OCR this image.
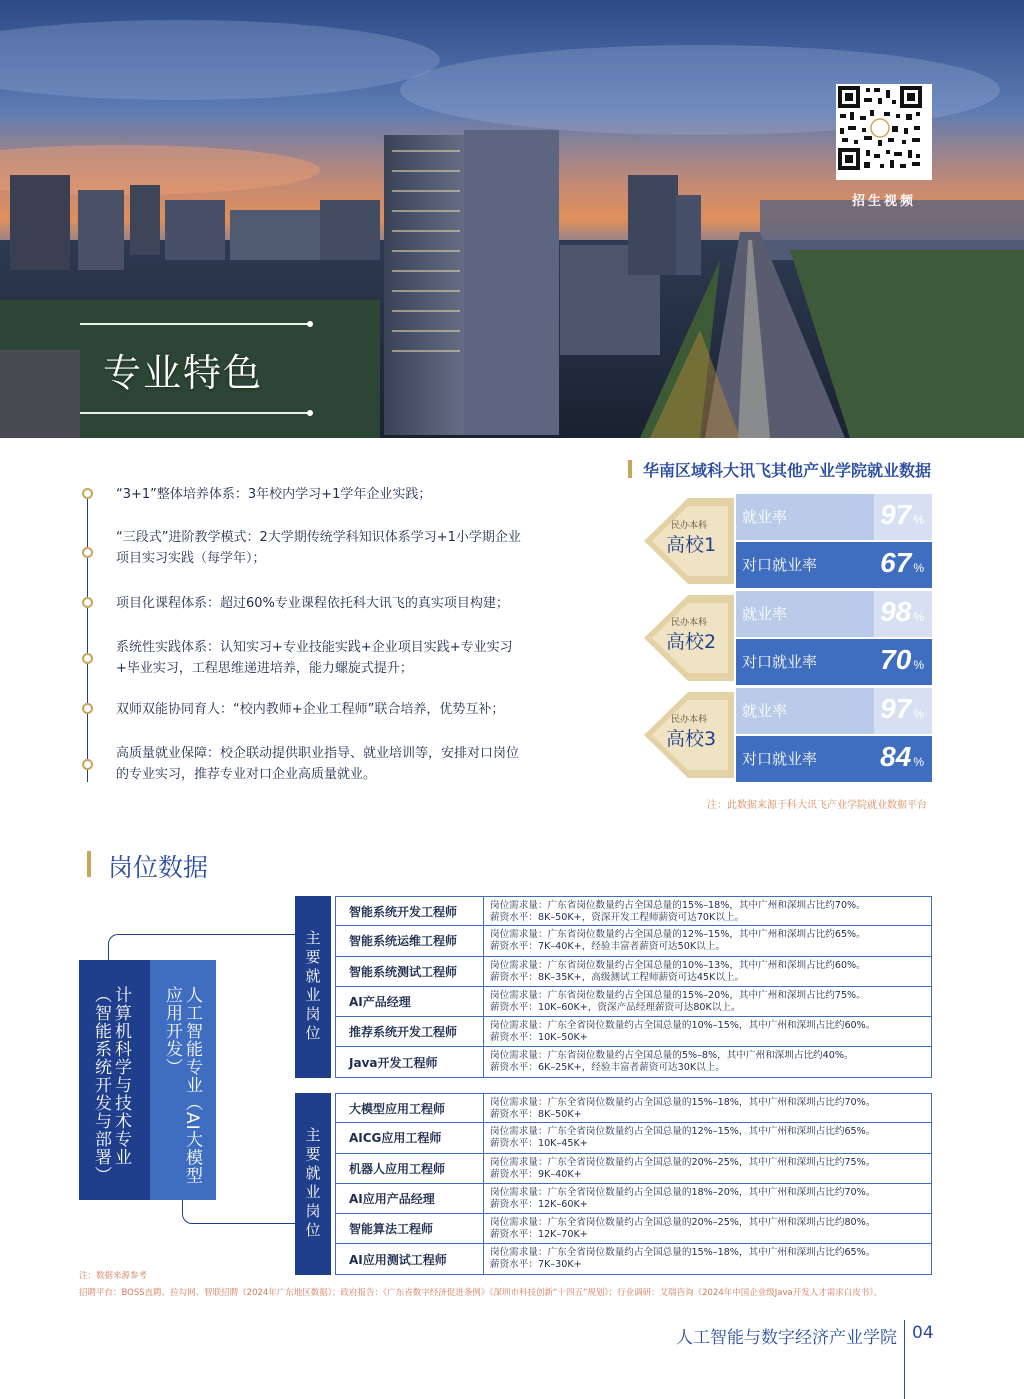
专业特色
招生视频
“3+1”整体培养体系：3年校内学习+1学年企业实践；
“三段式”进阶教学模式：2大学期传统学科知识体系学习+1小学期企业项目实习实践（每学年）；
项目化课程体系：超过60%专业课程依托科大讯飞的真实项目构建；
系统性实践体系：认知实习+专业技能实践+企业项目实践+专业实习+毕业实习，工程思维递进培养，能力螺旋式提升；
双师双能协同育人：“校内教师+企业工程师”联合培养，优势互补；
高质量就业保障：校企联动提供职业指导、就业培训等，安排对口岗位的专业实习，推荐专业对口企业高质量就业。
华南区域科大讯飞其他产业学院就业数据
就业率	97 %
对口就业率 67 %
民办本科
高校1
就业率	98 %
对口就业率 70 %
民办本科
高校2
就业率	97 %
对口就业率 84 %
民办本科
高校3
注：此数据来源于科大讯飞产业学院就业数据平台
岗位数据
计算机科学与技术专业（智能系统开发与部署）	人工智能专业（AI大模型应用开发）	主要就业岗位
主要就业岗位
智能系统开发工程师	岗位需求量：广东省岗位数量约占全国总量的15%–18%，其中广州和深圳占比约70%。
薪资水平：8K–50K+，资深开发工程师薪资可达70K以上。
智能系统运维工程师	岗位需求量：广东省岗位数量约占全国总量的12%–15%，其中广州和深圳占比约65%。
薪资水平：7K–40K+，经验丰富者薪资可达50K以上。
智能系统测试工程师	岗位需求量：广东省岗位数量约占全国总量的10%–13%，其中广州和深圳占比约60%。
薪资水平：8K–35K+，高级测试工程师薪资可达45K以上。
AI产品经理	岗位需求量：广东省岗位数量约占全国总量的15%–20%，其中广州和深圳占比约75%。
薪资水平：10K–60K+，资深产品经理薪资可达80K以上。
推荐系统开发工程师	岗位需求量：广东全省岗位数量约占全国总量的10%–15%，其中广州和深圳占比约60%。
薪资水平：10K–50K+
Java开发工程师	岗位需求量：广东省岗位数量约占全国总量的5%–8%，其中广州和深圳占比约40%。
薪资水平：6K–25K+，经验丰富者薪资可达30K以上。
大模型应用工程师	岗位需求量：广东全省岗位数量约占全国总量的15%–18%，其中广州和深圳占比约70%。
薪资水平：8K–50K+
AICG应用工程师	岗位需求量：广东全省岗位数量约占全国总量的12%–15%，其中广州和深圳占比约65%。
薪资水平：10K–45K+
机器人应用工程师	岗位需求量：广东全省岗位数量约占全国总量的20%–25%，其中广州和深圳占比约75%。
薪资水平：9K–40K+
AI应用产品经理	岗位需求量：广东全省岗位数量约占全国总量的18%–20%，其中广州和深圳占比约70%。
薪资水平：12K–60K+
智能算法工程师	岗位需求量：广东全省岗位数量约占全国总量的20%–25%，其中广州和深圳占比约80%。
薪资水平：12K–70K+
AI应用测试工程师	岗位需求量：广东全省岗位数量约占全国总量的15%–18%，其中广州和深圳占比约65%。
薪资水平：7K–30K+
注：数据来源参考
招聘平台：BOSS直聘、拉勾网、智联招聘（2024年广东地区数据）；政府报告：《广东省数字经济促进条例》《深圳市科技创新“十四五”规划》；行业调研：艾瑞咨询《2024年中国企业级Java开发人才需求白皮书》。
人工智能与数字经济产业学院 04
